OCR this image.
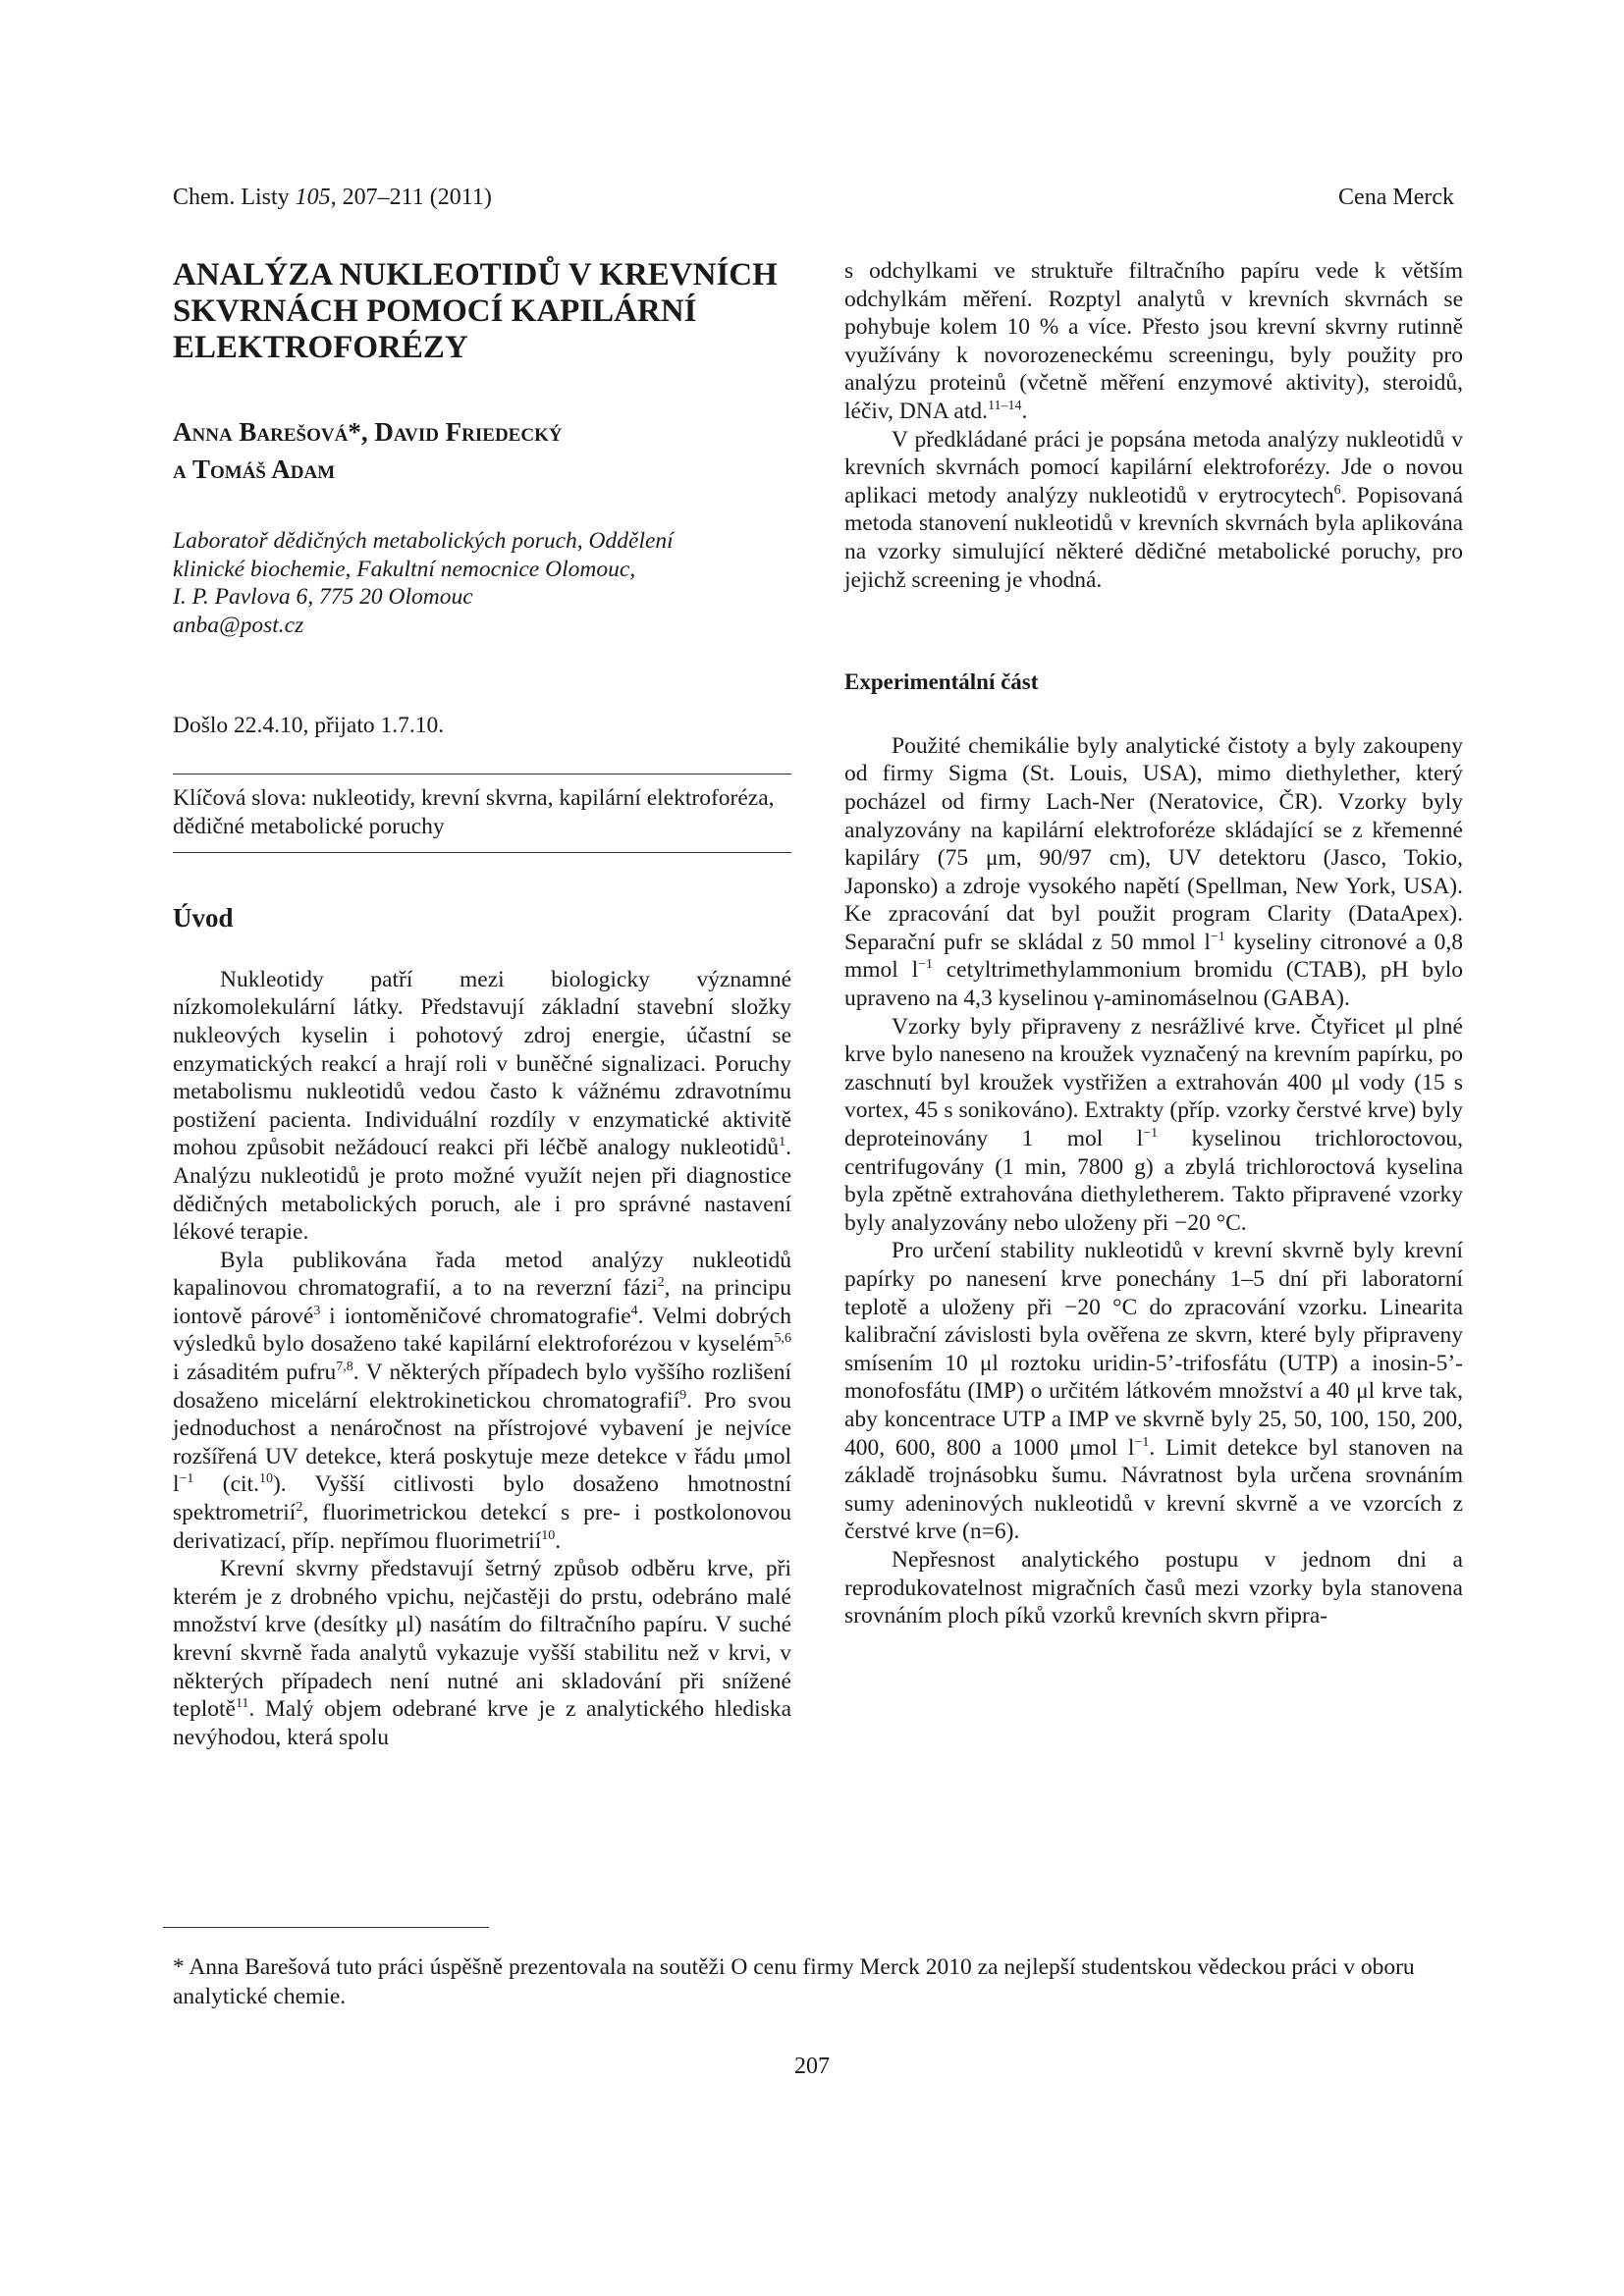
Chem. Listy 105, 207–211 (2011)	Cena Merck
ANALÝZA NUKLEOTIDŮ V KREVNÍCH SKVRNÁCH POMOCÍ KAPILÁRNÍ ELEKTROFORÉZY
Anna Barešová*, David Friedecký
a Tomáš Adam
Laboratoř dědičných metabolických poruch, Oddělení
klinické biochemie, Fakultní nemocnice Olomouc,
I. P. Pavlova 6, 775 20 Olomouc
anba@post.cz
Došlo 22.4.10, přijato 1.7.10.
Klíčová slova: nukleotidy, krevní skvrna, kapilární elektroforéza, dědičné metabolické poruchy
Úvod

Nukleotidy patří mezi biologicky významné nízkomolekulární látky. Představují základní stavební složky nukleových kyselin i pohotový zdroj energie, účastní se enzymatických reakcí a hrají roli v buněčné signalizaci. Poruchy metabolismu nukleotidů vedou často k vážnému zdravotnímu postižení pacienta. Individuální rozdíly v enzymatické aktivitě mohou způsobit nežádoucí reakci při léčbě analogy nukleotidů$^1$. Analýzu nukleotidů je proto možné využít nejen při diagnostice dědičných metabolických poruch, ale i pro správné nastavení lékové terapie.

Byla publikována řada metod analýzy nukleotidů kapalinovou chromatografií, a to na reverzní fázi$^2$, na principu iontově párové$^3$ i iontoměničové chromatografie$^4$. Velmi dobrých výsledků bylo dosaženo také kapilární elektroforézou v kyselém$^{5,6}$ i zásaditém pufru$^{7,8}$. V některých případech bylo vyššího rozlišení dosaženo micelární elektrokinetickou chromatografií$^9$. Pro svou jednoduchost a nenáročnost na přístrojové vybavení je nejvíce rozšířená UV detekce, která poskytuje meze detekce v řádu μmol $l^{-1}$ (cit.$^{10}$). Vyšší citlivosti bylo dosaženo hmotnostní spektrometrií$^2$, fluorimetrickou detekcí s pre- i postkolonovou derivatizací, příp. nepřímou fluorimetrií$^{10}$.

Krevní skvrny představují šetrný způsob odběru krve, při kterém je z drobného vpichu, nejčastěji do prstu, odebráno malé množství krve (desítky μl) nasátím do filtračního papíru. V suché krevní skvrně řada analytů vykazuje vyšší stabilitu než v krvi, v některých případech není nutné ani skladování při snížené teplotě$^{11}$. Malý objem odebrané krve je z analytického hlediska nevýhodou, která spolu

s odchylkami ve struktuře filtračního papíru vede k větším odchylkám měření. Rozptyl analytů v krevních skvrnách se pohybuje kolem 10 % a více. Přesto jsou krevní skvrny rutinně využívány k novorozeneckému screeningu, byly použity pro analýzu proteinů (včetně měření enzymové aktivity), steroidů, léčiv, DNA atd.$^{11-14}$.

V předkládané práci je popsána metoda analýzy nukleotidů v krevních skvrnách pomocí kapilární elektroforézy. Jde o novou aplikaci metody analýzy nukleotidů v erytrocytech$^6$. Popisovaná metoda stanovení nukleotidů v krevních skvrnách byla aplikována na vzorky simulující některé dědičné metabolické poruchy, pro jejichž screening je vhodná.

Experimentální část

Použité chemikálie byly analytické čistoty a byly zakoupeny od firmy Sigma (St. Louis, USA), mimo diethylether, který pocházel od firmy Lach-Ner (Neratovice, ČR). Vzorky byly analyzovány na kapilární elektroforéze skládající se z křemenné kapiláry (75 μm, 90/97 cm), UV detektoru (Jasco, Tokio, Japonsko) a zdroje vysokého napětí (Spellman, New York, USA). Ke zpracování dat byl použit program Clarity (DataApex). Separační pufr se skládal z 50 mmol $l^{-1}$ kyseliny citronové a 0,8 mmol $l^{-1}$ cetyltrimethylammonium bromidu (CTAB), pH bylo upraveno na 4,3 kyselinou γ-aminomáselnou (GABA).

Vzorky byly připraveny z nesrážlivé krve. Čtyřicet μl plné krve bylo naneseno na kroužek vyznačený na krevním papírku, po zaschnutí byl kroužek vystřižen a extrahován 400 μl vody (15 s vortex, 45 s sonikováno). Extrakty (příp. vzorky čerstvé krve) byly deproteinovány 1 mol $l^{-1}$ kyselinou trichloroctovou, centrifugovány (1 min, 7800 g) a zbylá trichloroctová kyselina byla zpětně extrahována diethyletherem. Takto připravené vzorky byly analyzovány nebo uloženy při −20 °C.

Pro určení stability nukleotidů v krevní skvrně byly krevní papírky po nanesení krve ponechány 1–5 dní při laboratorní teplotě a uloženy při −20 °C do zpracování vzorku. Linearita kalibrační závislosti byla ověřena ze skvrn, které byly připraveny smísením 10 μl roztoku uridin-5’-trifosfátu (UTP) a inosin-5’-monofosfátu (IMP) o určitém látkovém množství a 40 μl krve tak, aby koncentrace UTP a IMP ve skvrně byly 25, 50, 100, 150, 200, 400, 600, 800 a 1000 μmol $l^{-1}$. Limit detekce byl stanoven na základě trojnásobku šumu. Návratnost byla určena srovnáním sumy adeninových nukleotidů v krevní skvrně a ve vzorcích z čerstvé krve (n=6).

Nepřesnost analytického postupu v jednom dni a reprodukovatelnost migračních časů mezi vzorky byla stanovena srovnáním ploch píků vzorků krevních skvrn připra-

* Anna Barešová tuto práci úspěšně prezentovala na soutěži O cenu firmy Merck 2010 za nejlepší studentskou vědeckou práci v oboru analytické chemie.
207
